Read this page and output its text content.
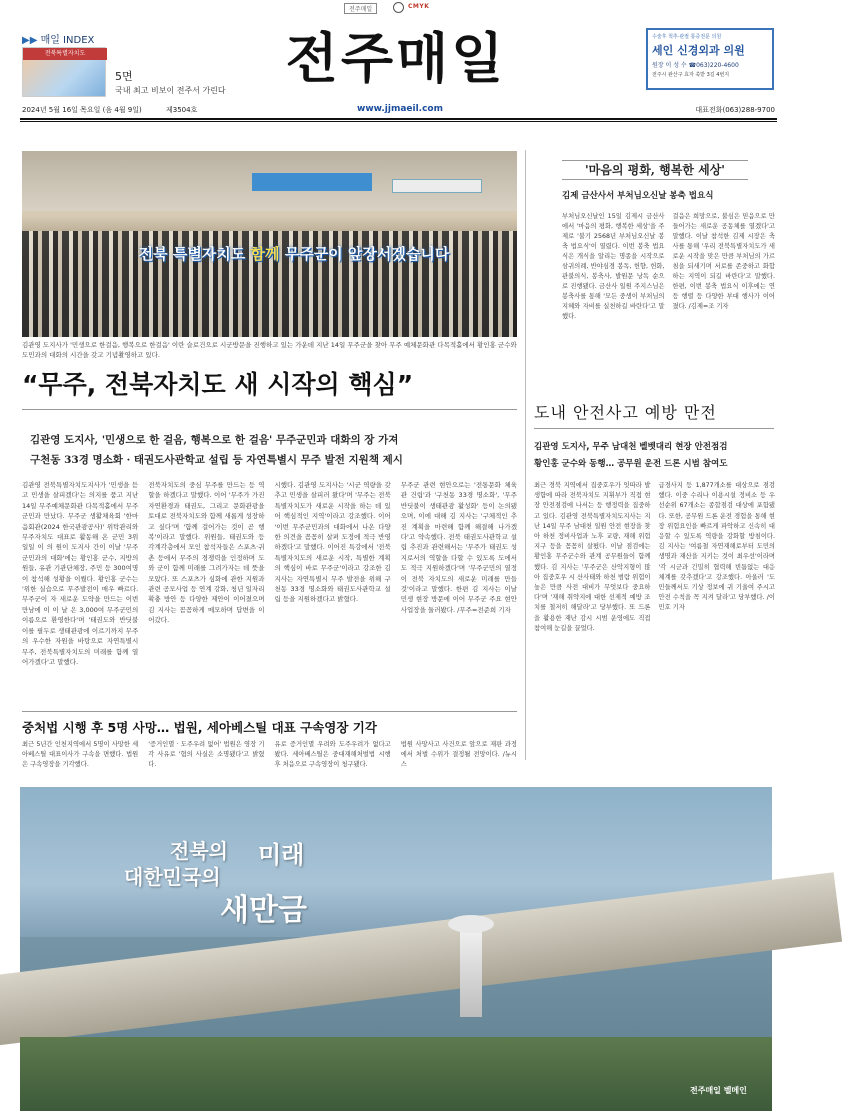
전주매일	CMYK
▶▶ 매일 INDEX
전북특별자치도
5면
국내 최고 비보이 전주서 가린다
전주매일
www.jjmaeil.com
수술후 척추·관절 통증전문 의원
세인 신경외과 의원
원장 이 성 수 ☎063)220-4600
전주시 완산구 효자 쑥받 3길 4번지
2024년 5월 16일 목요일 (음 4월 9일)	제3504호	대표전화(063)288-9700
전북 특별자치도 함께 무주군이 앞장서겠습니다
김관영 도지사가 '민생으로 한걸음, 행복으로 한걸음' 이란 슬로건으로 시군방문을 진행하고 있는 가운데 지난 14일 무주군을 찾아 무주 예체문화관 다목적홀에서 황인홍 군수와 도민과의 대화의 시간을 갖고 기념촬영하고 있다.
“무주, 전북자치도 새 시작의 핵심”
김관영 도지사, '민생으로 한 걸음, 행복으로 한 걸음' 무주군민과 대화의 장 가져
구천동 33경 명소화 · 태권도사관학교 설립 등 자연특별시 무주 발전 지원책 제시
김관영 전북특별자치도지사가 '민생을 듣고 민생을 살피겠다'는 의지를 품고 지난 14일 무주예체문화관 다목적홀에서 무주군민과 만났다. 무주군 생활체육회 '한마음회관(2024 한국관광공사)' 위탁관리와 무주자치도 대표로 활동해 온 군민 3위 일일 이 의 원이 도지사 간이 이날 '무주군민과의 대화'에는 황인홍 군수, 지방의원들, 유관 기관단체장, 주민 등 300여명이 참석해 성황을 이뤘다. 황인홍 군수는 '위한 실습으로 무주발전이 매우 빠르다. 무주군이 자 새로운 도약을 만드는 이번 만남에 이 이 날 은 3,000여 무주군민의 이름으로 환영한다'며 '태권도와 반딧불이를 필두로 생태관광에 이르기까지 무주의 우수한 자원을 바탕으로 자연특별시 무주, 전북특별자치도의 미래를 함께 열어가겠다'고 말했다.
전북자치도의 중심 무주를 만드는 등 역할을 하겠다고 말했다. 이어 '무주가 가진 자연환경과 태권도, 그리고 문화관광을 토대로 전북자치도와 함께 새롭게 성장하고 싶다'며 '함께 걸어가는 것이 곧 행복'이라고 말했다. 위원들, 태권도와 등 각계각층에서 모인 참석자들은 스포츠·귀촌 등에서 무주의 경쟁력을 인정하며 도와 군이 함께 미래를 그려가자는 데 뜻을 모았다. 또 스포츠가 심화에 관한 지원과 관련 공모사업 등 연계 강화, 청년 일자리 확충 방안 등 다양한 제안이 이어졌으며 김 지사는 꼼꼼하게 메모하며 답변을 이어갔다.
시했다. 김관영 도지사는 '시군 역량을 갖추고 민생을 살피러 왔다'며 '무주는 전북특별자치도가 새로운 시작을 하는 데 있어 핵심적인 지역'이라고 강조했다. 이어 '이번 무주군민과의 대화에서 나온 다양한 의견을 꼼꼼히 살펴 도정에 적극 반영하겠다'고 말했다. 이어진 특강에서 '전북특별자치도의 새로운 시작, 특별한 계획의 핵심이 바로 무주군'이라고 강조한 김 지사는 자연특별시 무주 발전을 위해 구천동 33경 명소화와 태권도사관학교 설립 등을 지원하겠다고 밝혔다.
무주군 관련 현안으로는 '전통문화 체육관 건립'과 '구천동 33경 명소화', '무주 반딧불이 생태관광 활성화' 등이 논의됐으며, 이에 대해 김 지사는 '구체적인 추진 계획을 마련해 함께 해결해 나가겠다'고 약속했다. 전북 태권도사관학교 설립 추진과 관련해서는 '무주가 태권도 성지로서의 역할을 다할 수 있도록 도에서도 적극 지원하겠다'며 '무주군민의 열정이 전북 자치도의 새로운 미래를 만들 것'이라고 말했다. 한편 김 지사는 이날 민생 현장 방문에 이어 무주군 주요 현안 사업장을 둘러봤다. /무주=전준희 기자
'마음의 평화, 행복한 세상'
김제 금산사서 부처님오신날 봉축 법요식
부처님오신날인 15일 김제시 금산사에서 '마음의 평화, 행복한 세상'을 주제로 '불기 2568년 부처님오신날 봉축 법요식'이 열렸다. 이번 봉축 법요식은 개식을 알리는 명종을 시작으로 삼귀의례, 반야심경 봉독, 헌향, 헌화, 관불의식, 봉축사, 발원문 낭독 순으로 진행됐다. 금산사 일원 주지스님은 봉축사를 통해 '모든 중생이 부처님의 지혜와 자비를 실천하길 바란다'고 말했다.
걸음은 희망으로, 불심은 믿음으로 만들어가는 새로운 공동체를 열겠다'고 말했다. 이날 참석한 김제 시장은 축사를 통해 '우리 전북특별자치도가 새로운 시작을 맞은 만큼 부처님의 가르침을 되새기며 서로를 존중하고 화합하는 지역이 되길 바란다'고 말했다. 한편, 이번 봉축 법요식 이후에는 연등 행렬 등 다양한 부대 행사가 이어졌다. /김제=조 기자
도내 안전사고 예방 만전
김관영 도지사, 무주 남대천 벨벳대리 현장 안전점검
황인홍 군수와 동행… 공무원 운전 드론 시범 참여도
최근 경북 지역에서 집중호우가 잇따라 발생함에 따라 전북자치도 지휘부가 직접 현장 안전점검에 나서는 등 행정력을 집중하고 있다. 김관영 전북특별자치도지사는 지난 14일 무주 남대천 일원 안전 현장을 찾아 하천 정비사업과 노후 교량, 재해 위험지구 등을 꼼꼼히 살폈다. 이날 점검에는 황인홍 무주군수와 관계 공무원들이 함께했다. 김 지사는 '무주군은 산악지형이 많아 집중호우 시 산사태와 하천 범람 위험이 높은 만큼 사전 대비가 무엇보다 중요하다'며 '재해 취약지에 대한 선제적 예방 조치를 철저히 해달라'고 당부했다. 또 드론을 활용한 재난 감시 시범 운영에도 직접 참여해 눈길을 끌었다.
급경사지 등 1,877개소를 대상으로 점검했다. 이중 수리나 이용시설 정비소 등 우선순위 67개소는 종합점검 대상에 포함됐다. 또한, 공무원 드론 운전 경험을 통해 현장 위험요인을 빠르게 파악하고 신속히 대응할 수 있도록 역량을 강화할 방침이다. 김 지사는 '여름철 자연재해로부터 도민의 생명과 재산을 지키는 것이 최우선'이라며 '각 시군과 긴밀히 협력해 빈틈없는 대응 체계를 갖추겠다'고 강조했다. 아울러 '도민들께서도 기상 정보에 귀 기울여 주시고 안전 수칙을 꼭 지켜 달라'고 당부했다. /이민호 기자
중처법 시행 후 5명 사망… 법원, 세아베스틸 대표 구속영장 기각
최근 5년간 인천지역에서 5명이 사망한 세아베스틸 대표이사가 구속을 면했다. 법원은 구속영장을 기각했다.
'증거인멸 · 도주우려 없어' 법원은 영장 기각 사유로 '혐의 사실은 소명됐다'고 밝혔다.
유로 증거인멸 우려와 도주우려가 없다고 봤다. 세아베스틸은 중대재해처벌법 시행 후 처음으로 구속영장이 청구됐다.
법원 사망사고 사건으로 앞으로 재판 과정에서 처벌 수위가 결정될 전망이다. /뉴시스
전북의
대한민국의
미래
새만금
전주매일 벨메인
